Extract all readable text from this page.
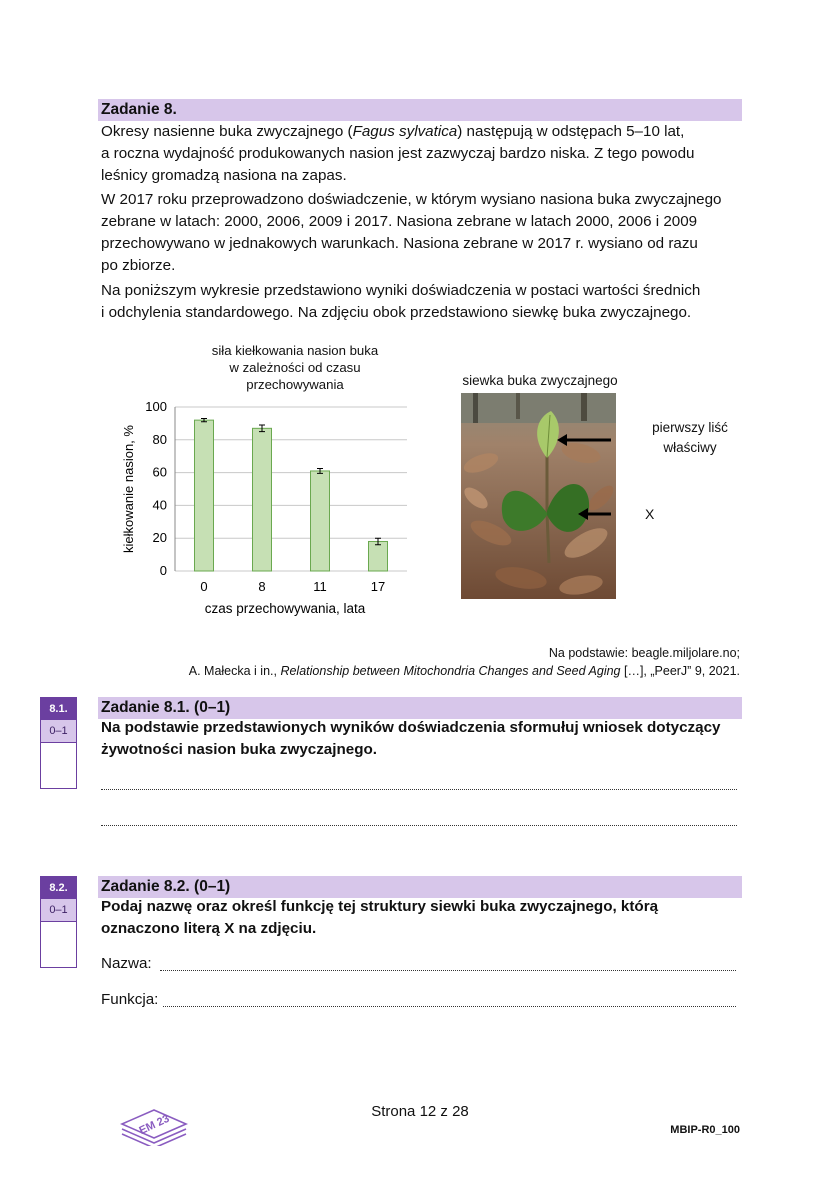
Zadanie 8.
Okresy nasienne buka zwyczajnego (Fagus sylvatica) następują w odstępach 5–10 lat,
a roczna wydajność produkowanych nasion jest zazwyczaj bardzo niska. Z tego powodu
leśnicy gromadzą nasiona na zapas.
W 2017 roku przeprowadzono doświadczenie, w którym wysiano nasiona buka zwyczajnego
zebrane w latach: 2000, 2006, 2009 i 2017. Nasiona zebrane w latach 2000, 2006 i 2009
przechowywano w jednakowych warunkach. Nasiona zebrane w 2017 r. wysiano od razu
po zbiorze.
Na poniższym wykresie przedstawiono wyniki doświadczenia w postaci wartości średnich
i odchylenia standardowego. Na zdjęciu obok przedstawiono siewkę buka zwyczajnego.
siła kiełkowania nasion buka
w zależności od czasu
przechowywania
0
20
40
60
80
100
0	8	11	17
kiełkowanie nasion, %
czas przechowywania, lata
siewka buka zwyczajnego
pierwszy liść
właściwy
X
Na podstawie: beagle.miljolare.no;
A. Małecka i in., Relationship between Mitochondria Changes and Seed Aging […], „PeerJ” 9, 2021.
8.1.
0–1
Zadanie 8.1. (0–1)
Na podstawie przedstawionych wyników doświadczenia sformułuj wniosek dotyczący
żywotności nasion buka zwyczajnego.
8.2.
0–1
Zadanie 8.2. (0–1)
Podaj nazwę oraz określ funkcję tej struktury siewki buka zwyczajnego, którą
oznaczono literą X na zdjęciu.
Nazwa:
Funkcja:
EM 23
Strona 12 z 28
MBIP-R0_100
